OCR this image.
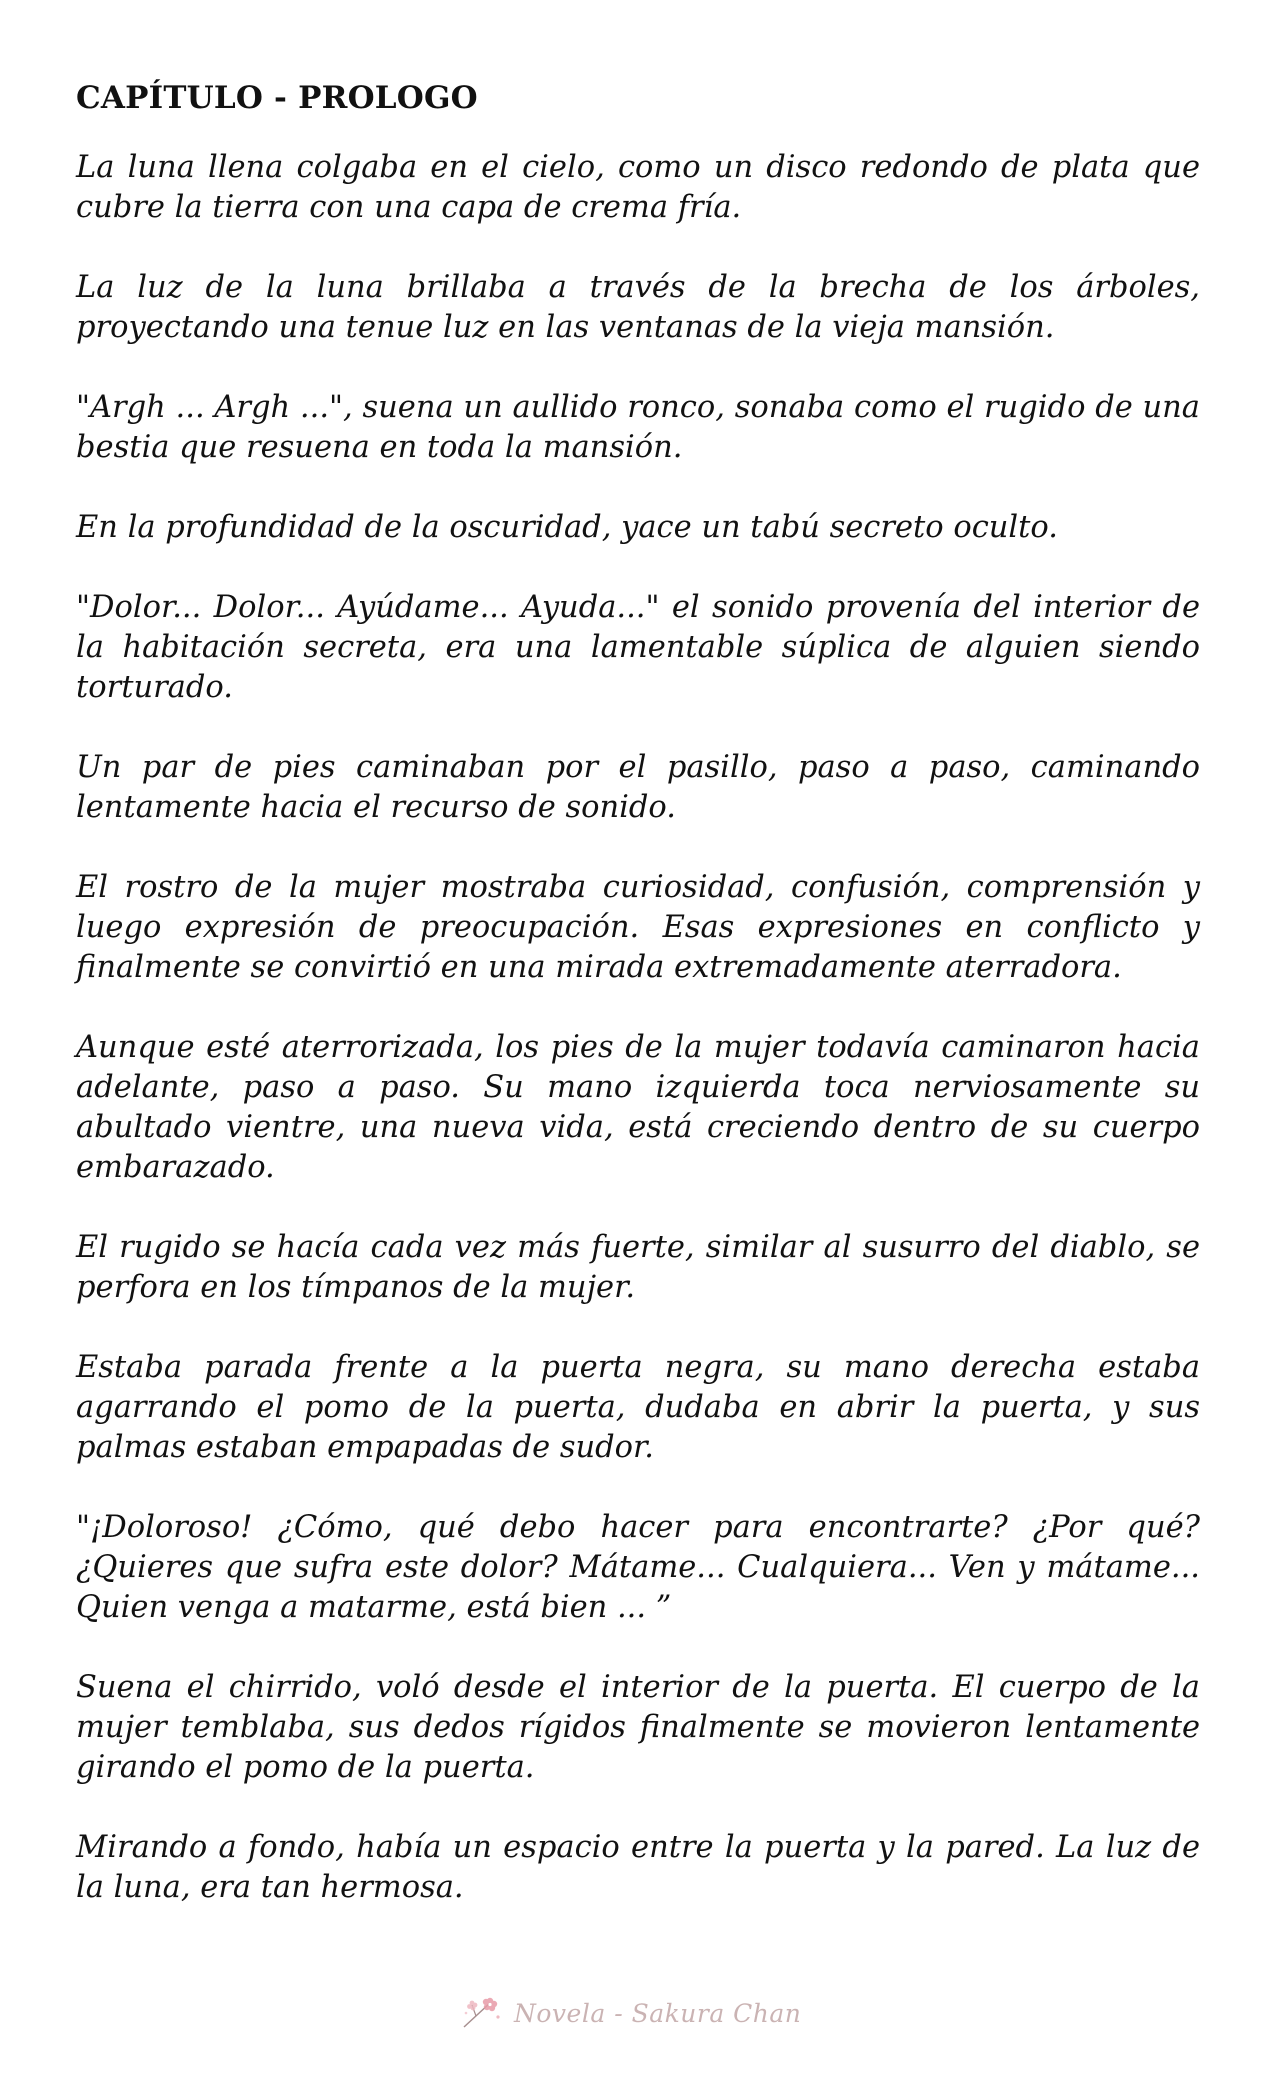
CAPÍTULO - PROLOGO
La luna llena colgaba en el cielo, como un disco redondo de plata que cubre la tierra con una capa de crema fría.
La luz de la luna brillaba a través de la brecha de los árboles, proyectando una tenue luz en las ventanas de la vieja mansión.
"Argh ... Argh ...", suena un aullido ronco, sonaba como el rugido de una bestia que resuena en toda la mansión.
En la profundidad de la oscuridad, yace un tabú secreto oculto.
"Dolor... Dolor... Ayúdame... Ayuda..." el sonido provenía del interior de la habitación secreta, era una lamentable súplica de alguien siendo torturado.
Un par de pies caminaban por el pasillo, paso a paso, caminando lentamente hacia el recurso de sonido.
El rostro de la mujer mostraba curiosidad, confusión, comprensión y luego expresión de preocupación. Esas expresiones en conflicto y finalmente se convirtió en una mirada extremadamente aterradora.
Aunque esté aterrorizada, los pies de la mujer todavía caminaron hacia adelante, paso a paso. Su mano izquierda toca nerviosamente su abultado vientre, una nueva vida, está creciendo dentro de su cuerpo embarazado.
El rugido se hacía cada vez más fuerte, similar al susurro del diablo, se perfora en los tímpanos de la mujer.
Estaba parada frente a la puerta negra, su mano derecha estaba agarrando el pomo de la puerta, dudaba en abrir la puerta, y sus palmas estaban empapadas de sudor.
"¡Doloroso! ¿Cómo, qué debo hacer para encontrarte? ¿Por qué? ¿Quieres que sufra este dolor? Mátame... Cualquiera... Ven y mátame... Quien venga a matarme, está bien ... ”
Suena el chirrido, voló desde el interior de la puerta. El cuerpo de la mujer temblaba, sus dedos rígidos finalmente se movieron lentamente girando el pomo de la puerta.
Mirando a fondo, había un espacio entre la puerta y la pared. La luz de la luna, era tan hermosa.
Novela - Sakura Chan
